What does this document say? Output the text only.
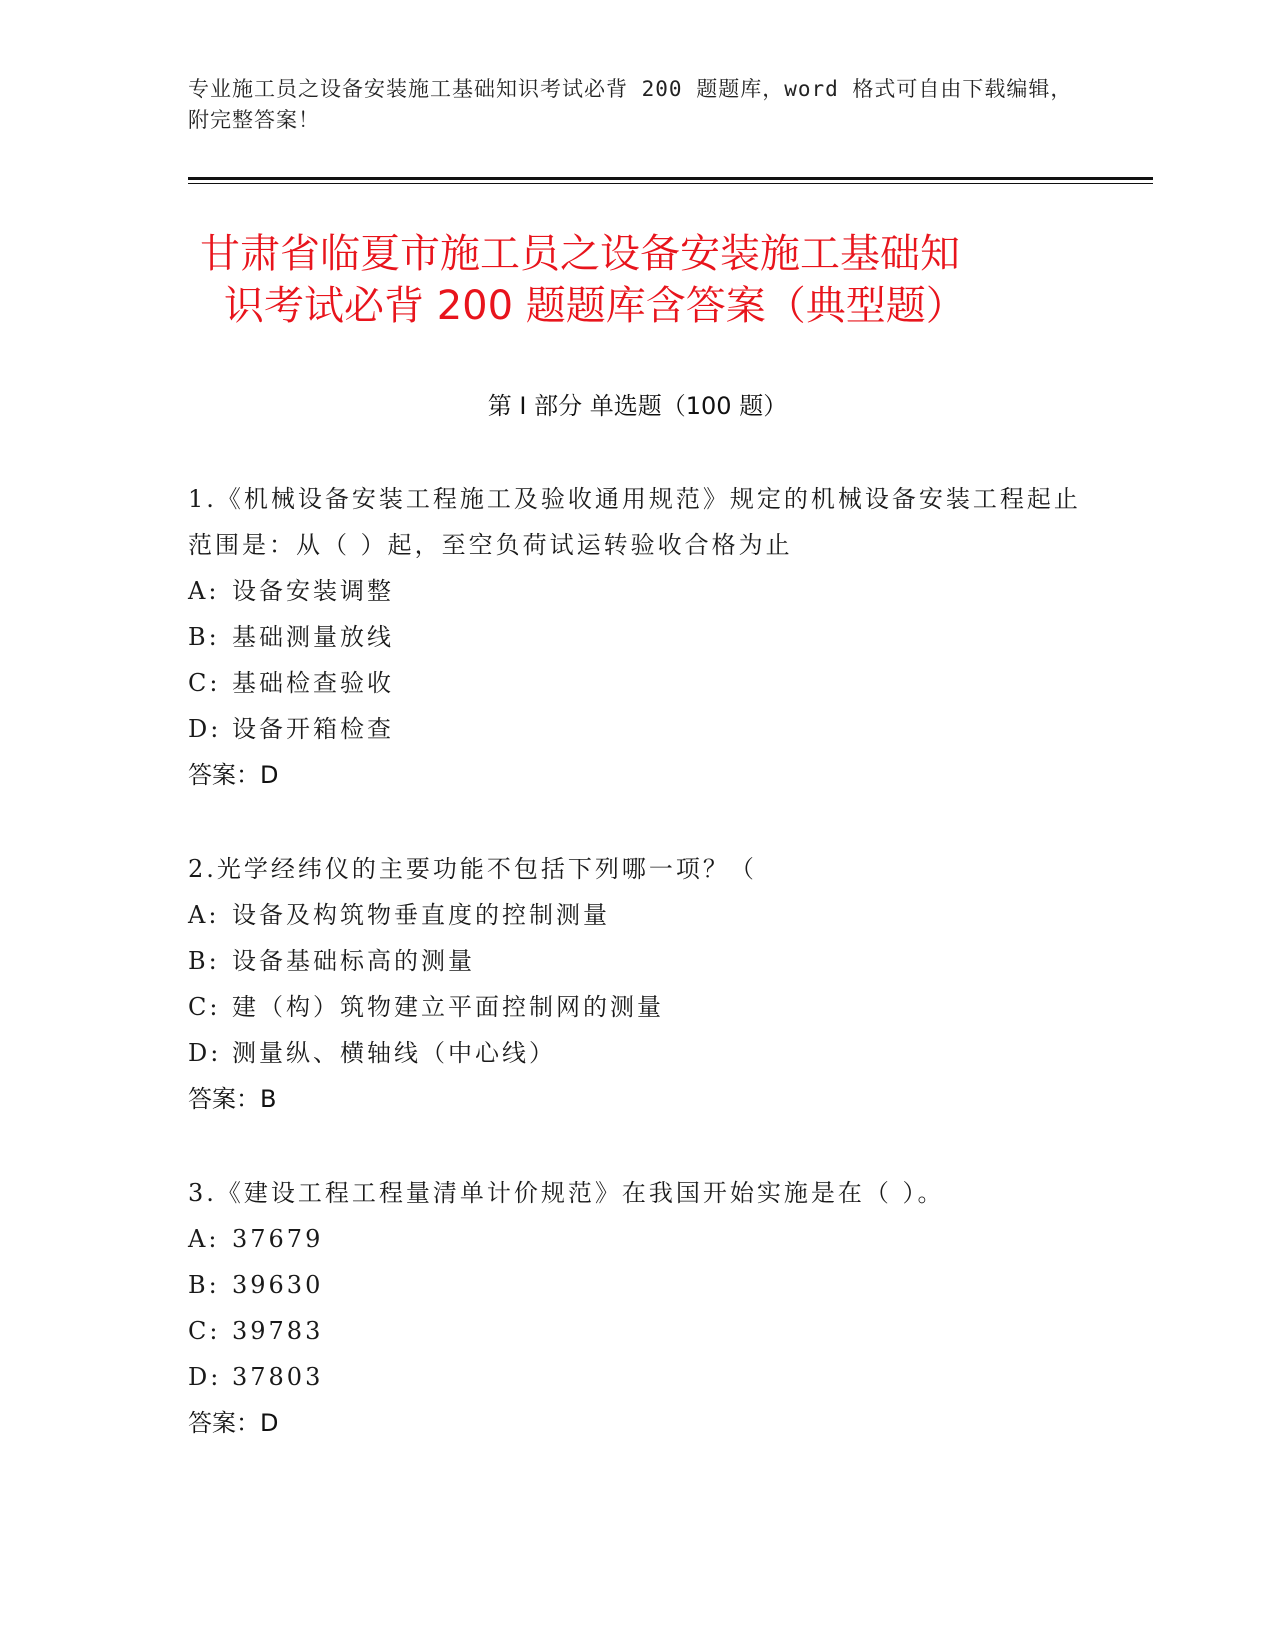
专业施工员之设备安装施工基础知识考试必背 200 题题库，word 格式可自由下载编辑，附完整答案！
甘肃省临夏市施工员之设备安装施工基础知
识考试必背 200 题题库含答案（典型题）
第 I 部分 单选题（100 题）
1.《机械设备安装工程施工及验收通用规范》规定的机械设备安装工程起止范围是：从（ ）起，至空负荷试运转验收合格为止
A: 设备安装调整
B: 基础测量放线
C: 基础检查验收
D: 设备开箱检查
答案：D
2.光学经纬仪的主要功能不包括下列哪一项？（
A: 设备及构筑物垂直度的控制测量
B: 设备基础标高的测量
C: 建（构）筑物建立平面控制网的测量
D: 测量纵、横轴线（中心线）
答案：B
3.《建设工程工程量清单计价规范》在我国开始实施是在（ ）。
A: 37679
B: 39630
C: 39783
D: 37803
答案：D
